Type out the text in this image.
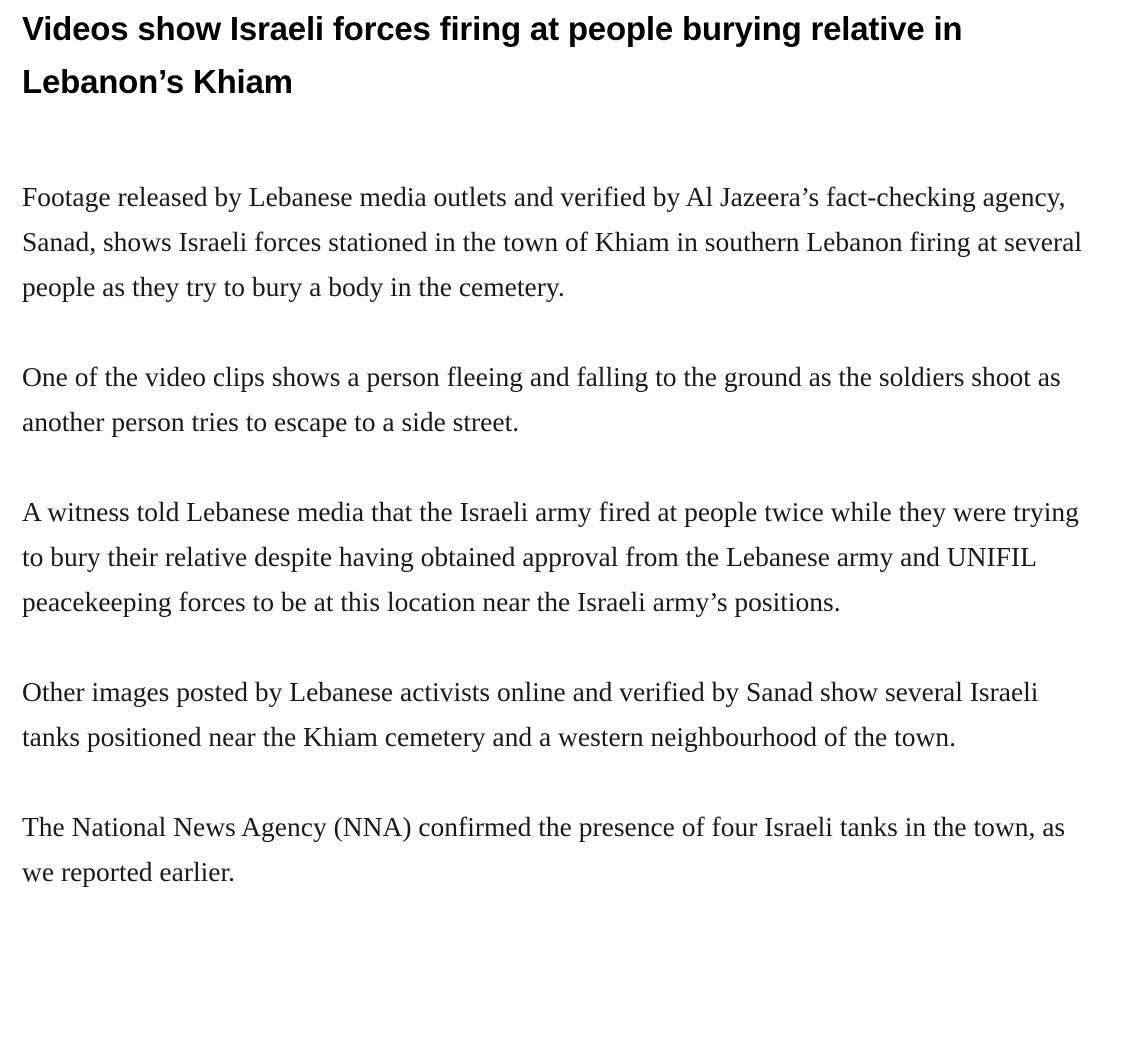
Videos show Israeli forces firing at people burying relative in Lebanon’s Khiam

Footage released by Lebanese media outlets and verified by Al Jazeera’s fact-checking agency, Sanad, shows Israeli forces stationed in the town of Khiam in southern Lebanon firing at several people as they try to bury a body in the cemetery.

One of the video clips shows a person fleeing and falling to the ground as the soldiers shoot as another person tries to escape to a side street.

A witness told Lebanese media that the Israeli army fired at people twice while they were trying to bury their relative despite having obtained approval from the Lebanese army and UNIFIL peacekeeping forces to be at this location near the Israeli army’s positions.

Other images posted by Lebanese activists online and verified by Sanad show several Israeli tanks positioned near the Khiam cemetery and a western neighbourhood of the town.

The National News Agency (NNA) confirmed the presence of four Israeli tanks in the town, as we reported earlier.
